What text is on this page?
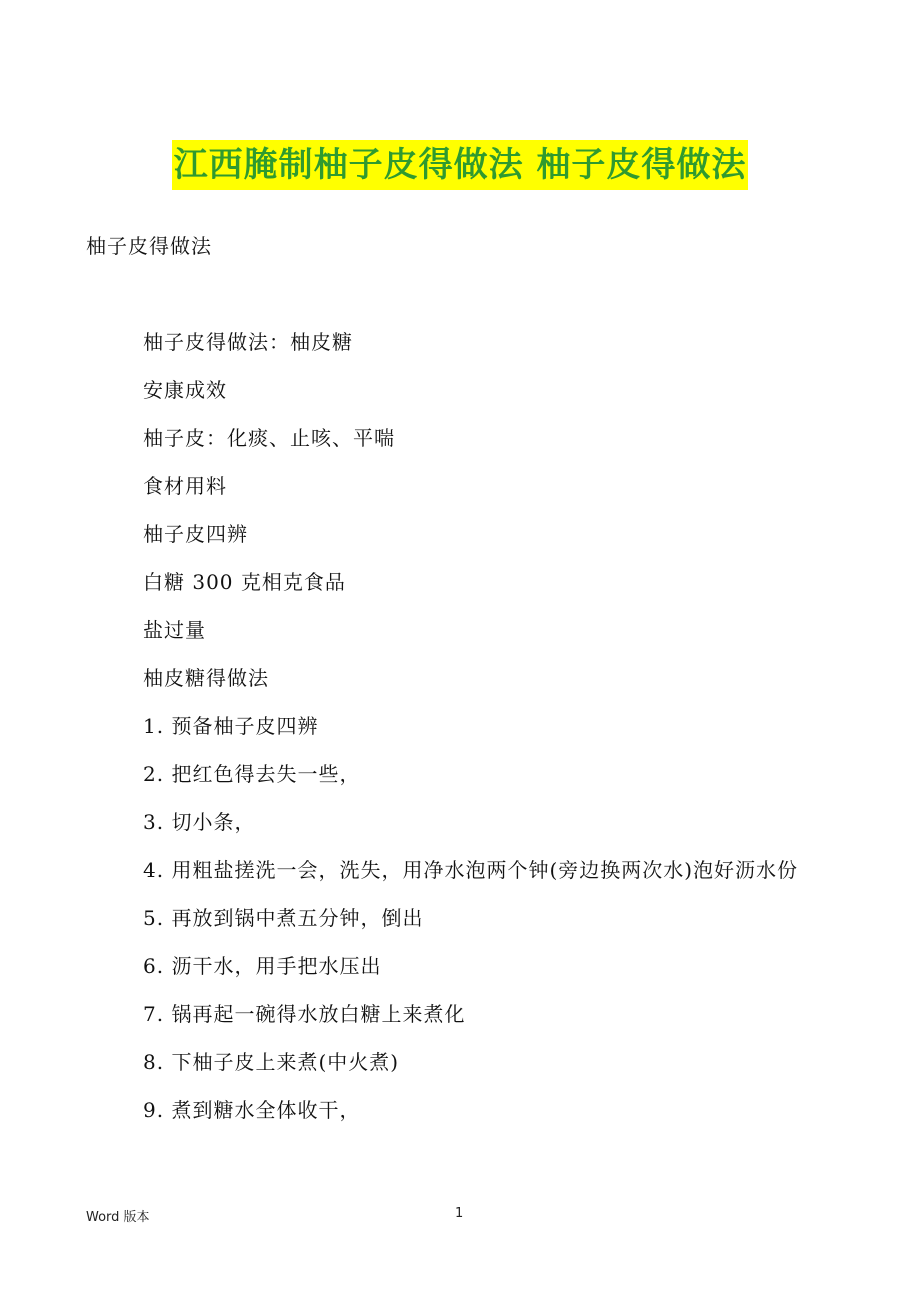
江西腌制柚子皮得做法 柚子皮得做法
柚子皮得做法

柚子皮得做法：柚皮糖

安康成效

柚子皮：化痰、止咳、平喘

食材用料

柚子皮四辨

白糖 300 克相克食品

盐过量

柚皮糖得做法

1. 预备柚子皮四辨

2. 把红色得去失一些，

3. 切小条，

4. 用粗盐搓洗一会，洗失，用净水泡两个钟(旁边换两次水)泡好沥水份

5. 再放到锅中煮五分钟，倒出

6. 沥干水，用手把水压出

7. 锅再起一碗得水放白糖上来煮化

8. 下柚子皮上来煮(中火煮)

9. 煮到糖水全体收干，

Word 版本	1
